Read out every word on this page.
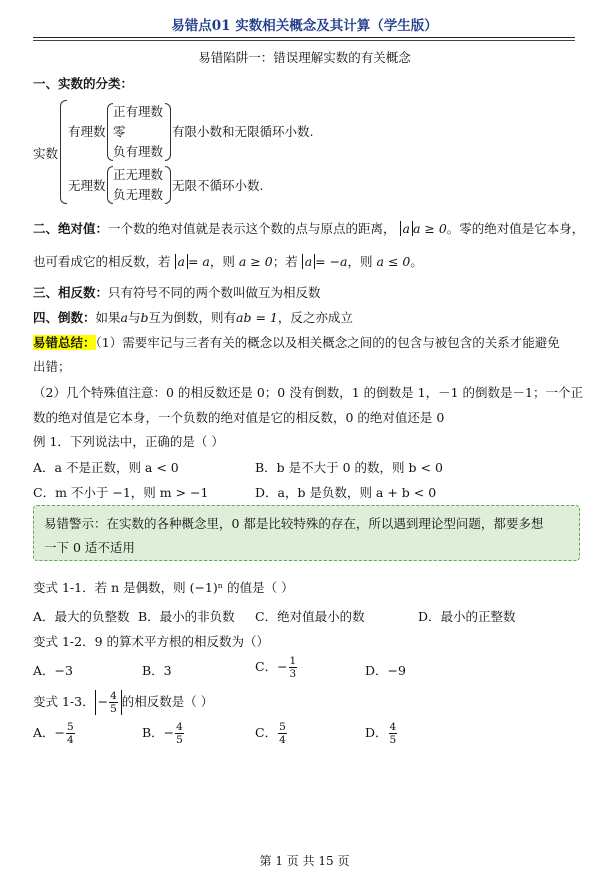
易错点01 实数相关概念及其计算（学生版）
易错陷阱一：错误理解实数的有关概念
一、实数的分类：
实数
有理数
正有理数
零
负有理数
有限小数和无限循环小数.
无理数
正无理数
负无理数
无限不循环小数.
二、绝对值：一个数的绝对值就是表示这个数的点与原点的距离， a a ≥ 0。零的绝对值是它本身，
也可看成它的相反数，若 a = a，则 a ≥ 0；若 a = −a，则 a ≤ 0。
三、相反数：只有符号不同的两个数叫做互为相反数
四、倒数：如果a与b互为倒数，则有ab = 1，反之亦成立
易错总结：（1）需要牢记与三者有关的概念以及相关概念之间的的包含与被包含的关系才能避免
出错；
（2）几个特殊值注意：0 的相反数还是 0；0 没有倒数，1 的倒数是 1，－1 的倒数是－1；一个正
数的绝对值是它本身，一个负数的绝对值是它的相反数，0 的绝对值还是 0
例 1．下列说法中，正确的是（ ）
A．a 不是正数，则 a < 0	B．b 是不大于 0 的数，则 b < 0
C．m 不小于 −1，则 m > −1	D．a，b 是负数，则 a + b < 0
易错警示：在实数的各种概念里，0 都是比较特殊的存在，所以遇到理论型问题，都要多想
一下 0 适不适用
变式 1-1．若 n 是偶数，则 (−1)ⁿ 的值是（ ）
A．最大的负整数 B．最小的非负数 C．绝对值最小的数	D．最小的正整数
变式 1-2．9 的算术平方根的相反数为（）
A．−3	B．3	C．− $\frac{1}{3}$	D．−9
变式 1-3． − $\frac{4}{5}$ 的相反数是（ ）
A．− $\frac{5}{4}$	B．− $\frac{4}{5}$	C． $\frac{5}{4}$	D． $\frac{4}{5}$
第 1 页 共 15 页
